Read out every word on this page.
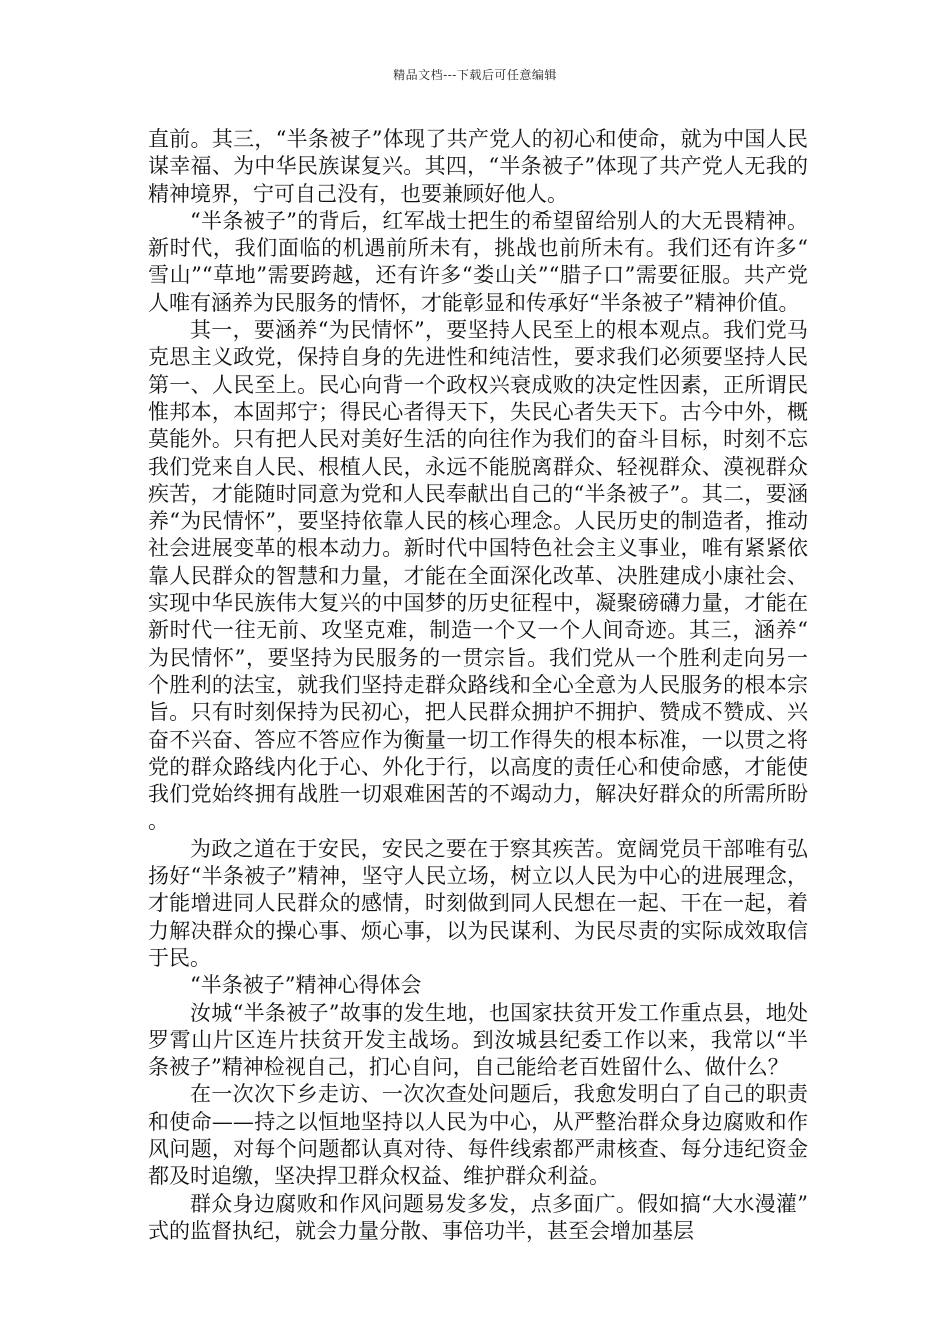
精品文档---下载后可任意编辑

直前。其三，“半条被子”体现了共产党人的初心和使命，就为中国人民谋幸福、为中华民族谋复兴。其四，“半条被子”体现了共产党人无我的精神境界，宁可自己没有，也要兼顾好他人。

“半条被子”的背后，红军战士把生的希望留给别人的大无畏精神。新时代，我们面临的机遇前所未有，挑战也前所未有。我们还有许多“雪山”“草地”需要跨越，还有许多“娄山关”“腊子口”需要征服。共产党人唯有涵养为民服务的情怀，才能彰显和传承好“半条被子”精神价值。

其一，要涵养“为民情怀”，要坚持人民至上的根本观点。我们党马克思主义政党，保持自身的先进性和纯洁性，要求我们必须要坚持人民第一、人民至上。民心向背一个政权兴衰成败的决定性因素，正所谓民惟邦本，本固邦宁；得民心者得天下，失民心者失天下。古今中外，概莫能外。只有把人民对美好生活的向往作为我们的奋斗目标，时刻不忘我们党来自人民、根植人民，永远不能脱离群众、轻视群众、漠视群众疾苦，才能随时同意为党和人民奉献出自己的“半条被子”。其二，要涵养“为民情怀”，要坚持依靠人民的核心理念。人民历史的制造者，推动社会进展变革的根本动力。新时代中国特色社会主义事业，唯有紧紧依靠人民群众的智慧和力量，才能在全面深化改革、决胜建成小康社会、实现中华民族伟大复兴的中国梦的历史征程中，凝聚磅礴力量，才能在新时代一往无前、攻坚克难，制造一个又一个人间奇迹。其三，涵养“为民情怀”，要坚持为民服务的一贯宗旨。我们党从一个胜利走向另一个胜利的法宝，就我们坚持走群众路线和全心全意为人民服务的根本宗旨。只有时刻保持为民初心，把人民群众拥护不拥护、赞成不赞成、兴奋不兴奋、答应不答应作为衡量一切工作得失的根本标准，一以贯之将党的群众路线内化于心、外化于行，以高度的责任心和使命感，才能使我们党始终拥有战胜一切艰难困苦的不竭动力，解决好群众的所需所盼。

为政之道在于安民，安民之要在于察其疾苦。宽阔党员干部唯有弘扬好“半条被子”精神，坚守人民立场，树立以人民为中心的进展理念，才能增进同人民群众的感情，时刻做到同人民想在一起、干在一起，着力解决群众的操心事、烦心事，以为民谋利、为民尽责的实际成效取信于民。

“半条被子”精神心得体会

汝城“半条被子”故事的发生地，也国家扶贫开发工作重点县，地处罗霄山片区连片扶贫开发主战场。到汝城县纪委工作以来，我常以“半条被子”精神检视自己，扪心自问，自己能给老百姓留什么、做什么？

在一次次下乡走访、一次次查处问题后，我愈发明白了自己的职责和使命——持之以恒地坚持以人民为中心，从严整治群众身边腐败和作风问题，对每个问题都认真对待、每件线索都严肃核查、每分违纪资金都及时追缴，坚决捍卫群众权益、维护群众利益。

群众身边腐败和作风问题易发多发，点多面广。假如搞“大水漫灌”式的监督执纪，就会力量分散、事倍功半，甚至会增加基层
